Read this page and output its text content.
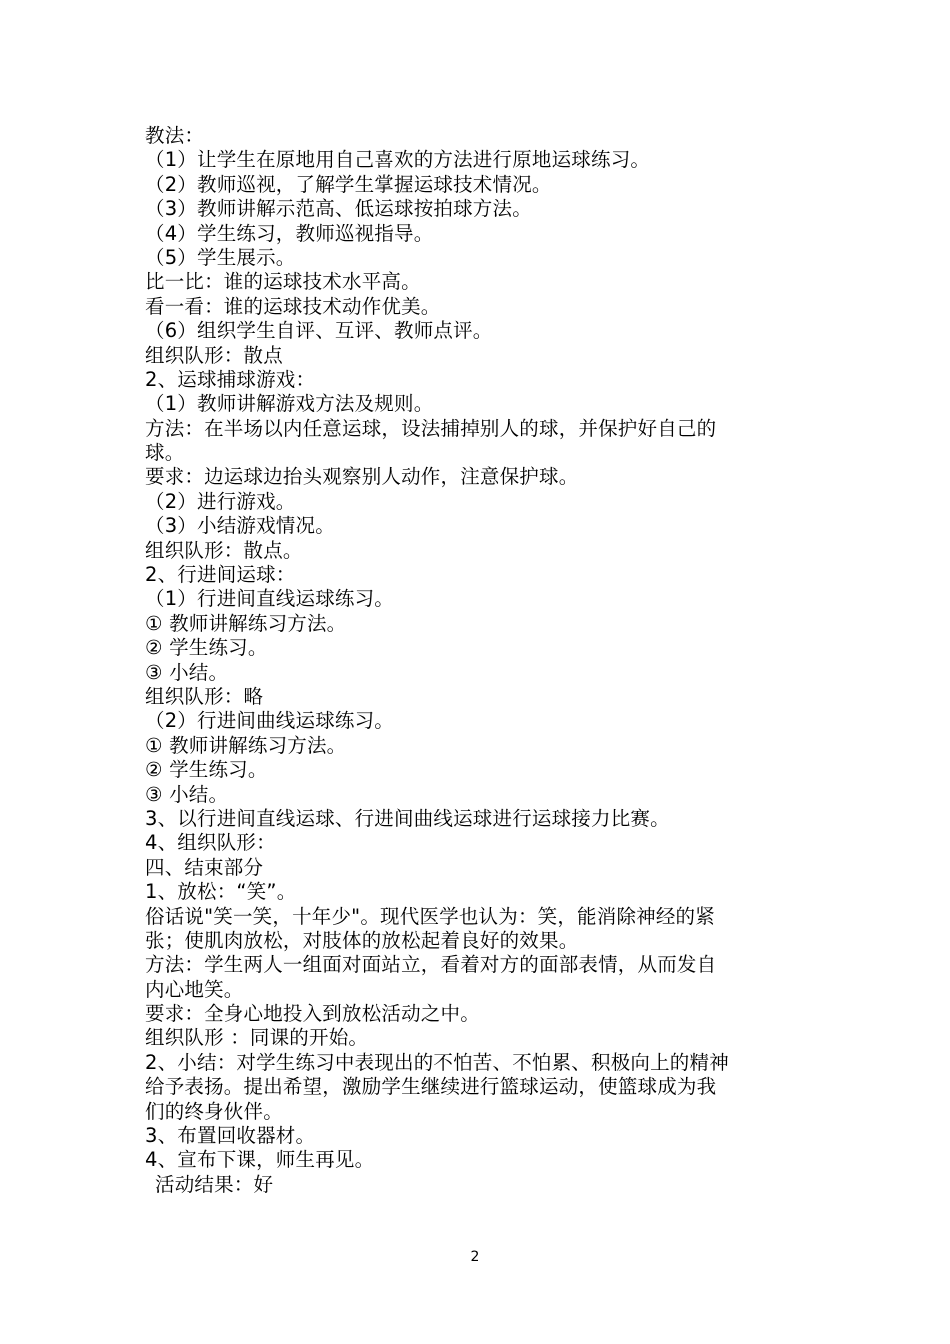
教法：
（1）让学生在原地用自己喜欢的方法进行原地运球练习。
（2）教师巡视，了解学生掌握运球技术情况。
（3）教师讲解示范高、低运球按拍球方法。
（4）学生练习，教师巡视指导。
（5）学生展示。
比一比：谁的运球技术水平高。
看一看：谁的运球技术动作优美。
（6）组织学生自评、互评、教师点评。
组织队形：散点
2、运球捕球游戏：
（1）教师讲解游戏方法及规则。
方法：在半场以内任意运球，设法捕掉别人的球，并保护好自己的
球。
要求：边运球边抬头观察别人动作，注意保护球。
（2）进行游戏。
（3）小结游戏情况。
组织队形：散点。
2、行进间运球：
（1）行进间直线运球练习。
① 教师讲解练习方法。
② 学生练习。
③ 小结。
组织队形：略
（2）行进间曲线运球练习。
① 教师讲解练习方法。
② 学生练习。
③ 小结。
3、以行进间直线运球、行进间曲线运球进行运球接力比赛。
4、组织队形：
四、结束部分
1、放松：“笑”。
俗话说"笑一笑，十年少"。现代医学也认为：笑，能消除神经的紧
张；使肌肉放松，对肢体的放松起着良好的效果。
方法：学生两人一组面对面站立，看着对方的面部表情，从而发自
内心地笑。
要求：全身心地投入到放松活动之中。
组织队形 ：同课的开始。
2、小结：对学生练习中表现出的不怕苦、不怕累、积极向上的精神
给予表扬。提出希望，激励学生继续进行篮球运动，使篮球成为我
们的终身伙伴。
3、布置回收器材。
4、宣布下课，师生再见。
活动结果：好
2
